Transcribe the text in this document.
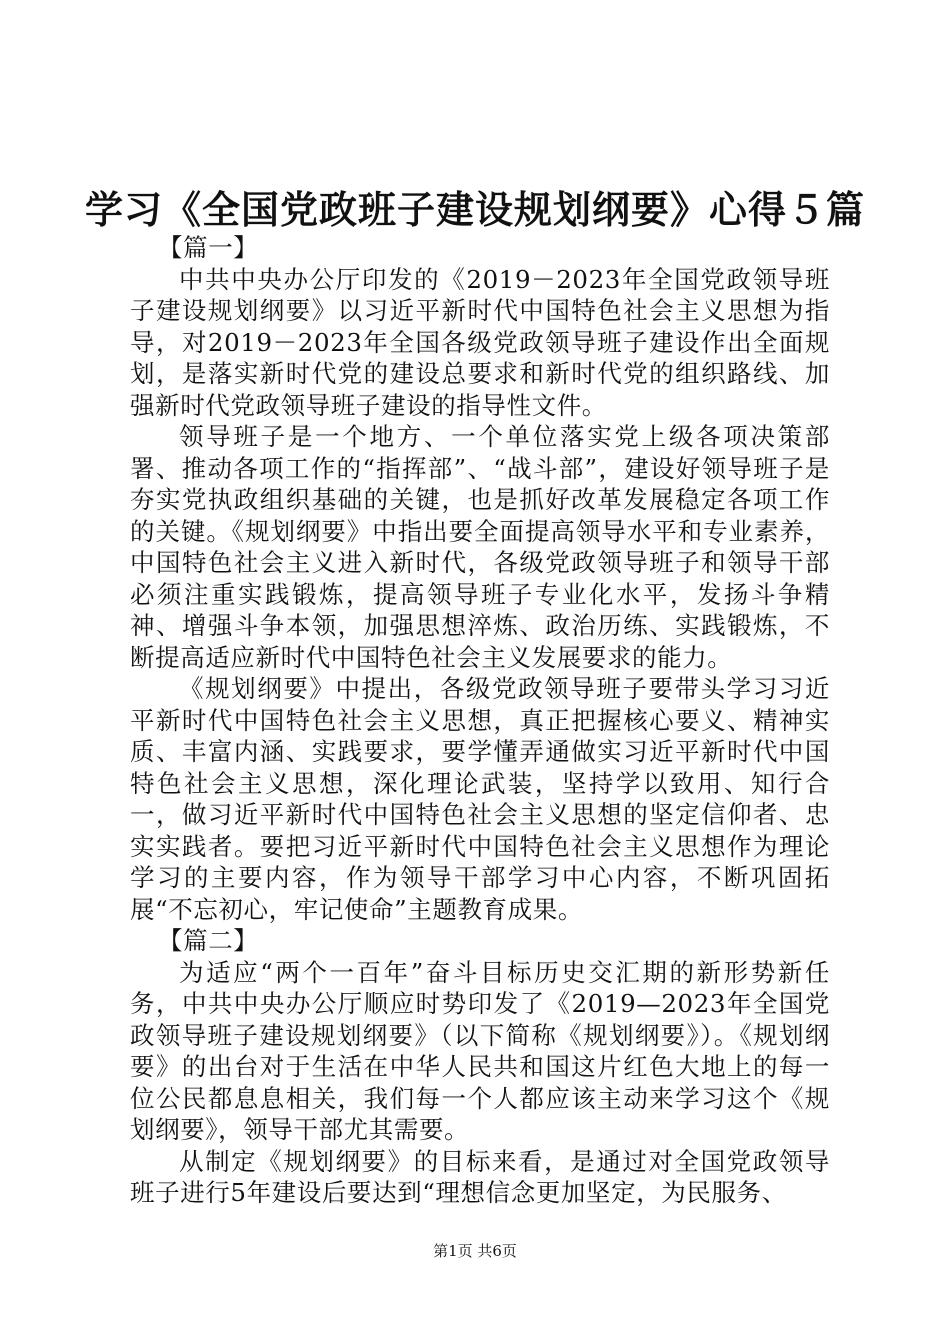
学习《全国党政班子建设规划纲要》心得５篇

【篇一】

中共中央办公厅印发的《2019－2023年全国党政领导班子建设规划纲要》以习近平新时代中国特色社会主义思想为指导，对2019－2023年全国各级党政领导班子建设作出全面规划，是落实新时代党的建设总要求和新时代党的组织路线、加强新时代党政领导班子建设的指导性文件。

领导班子是一个地方、一个单位落实党上级各项决策部署、推动各项工作的“指挥部”、“战斗部”，建设好领导班子是夯实党执政组织基础的关键，也是抓好改革发展稳定各项工作的关键。《规划纲要》中指出要全面提高领导水平和专业素养，中国特色社会主义进入新时代，各级党政领导班子和领导干部必须注重实践锻炼，提高领导班子专业化水平，发扬斗争精神、增强斗争本领，加强思想淬炼、政治历练、实践锻炼，不断提高适应新时代中国特色社会主义发展要求的能力。

《规划纲要》中提出，各级党政领导班子要带头学习习近平新时代中国特色社会主义思想，真正把握核心要义、精神实质、丰富内涵、实践要求，要学懂弄通做实习近平新时代中国特色社会主义思想，深化理论武装，坚持学以致用、知行合一，做习近平新时代中国特色社会主义思想的坚定信仰者、忠实实践者。要把习近平新时代中国特色社会主义思想作为理论学习的主要内容，作为领导干部学习中心内容，不断巩固拓展“不忘初心，牢记使命”主题教育成果。

【篇二】

为适应“两个一百年”奋斗目标历史交汇期的新形势新任务，中共中央办公厅顺应时势印发了《2019—2023年全国党政领导班子建设规划纲要》（以下简称《规划纲要》）。《规划纲要》的出台对于生活在中华人民共和国这片红色大地上的每一位公民都息息相关，我们每一个人都应该主动来学习这个《规划纲要》，领导干部尤其需要。

从制定《规划纲要》的目标来看，是通过对全国党政领导班子进行5年建设后要达到“理想信念更加坚定，为民服务、

第1页 共6页
